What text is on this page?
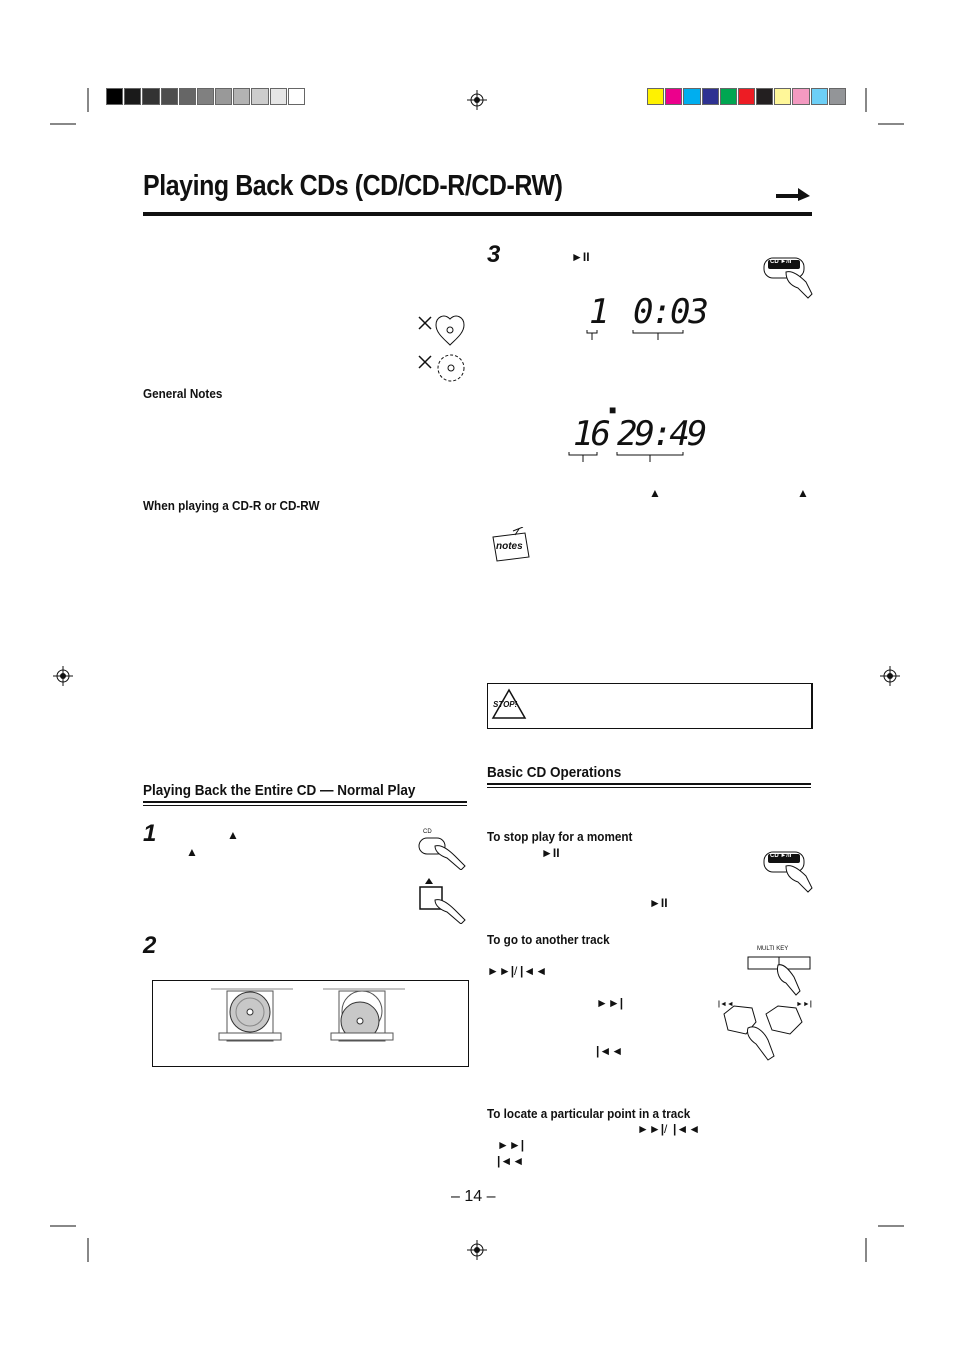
Playing Back CDs (CD/CD-R/CD-RW)
General Notes
When playing a CD-R or CD-RW
Playing Back the Entire CD — Normal Play
1	▲
▲
CD
2
3	►II	CD ►/II
1 0:03
■
16 29:49
▲	▲
notes
STOP!
Basic CD Operations
To stop play for a moment
►II	CD ►/II
►II
To go to another track
►►| / |◄◄
►►|
|◄◄
MULTI KEY
|◄◄	►►|
To locate a particular point in a track
►►| / |◄◄
►►|
|◄◄
– 14 –
